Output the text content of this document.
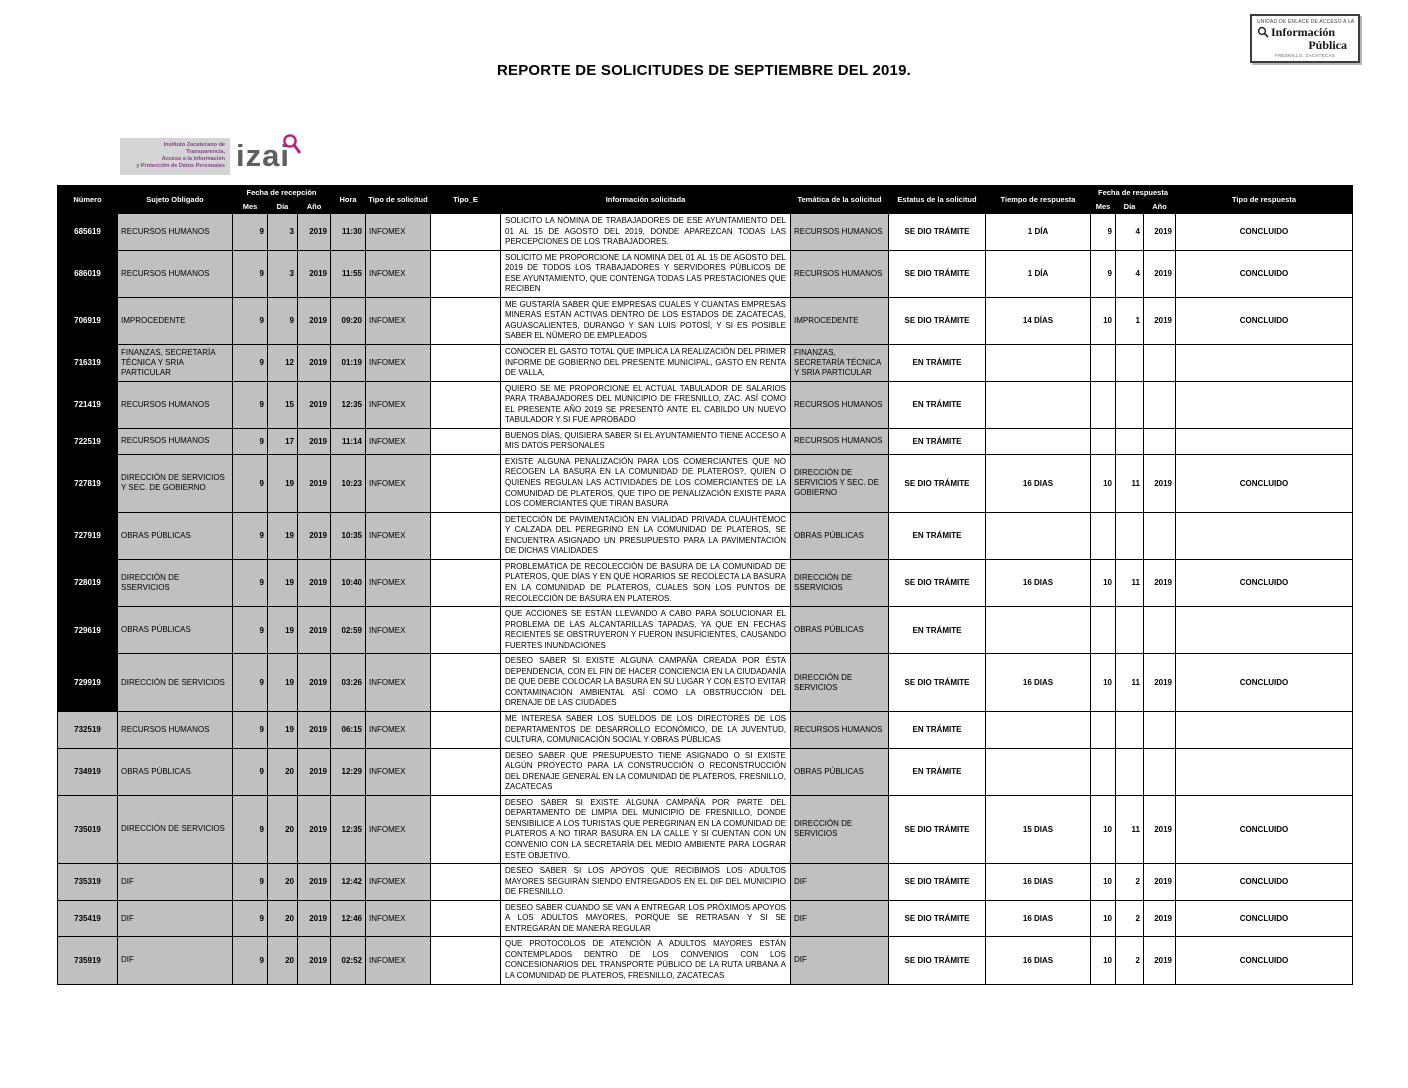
UNIDAD DE ENLACE DE ACCESO A LA
Información
Pública
FRESNILLO, ZACATECAS
REPORTE DE SOLICITUDES DE SEPTIEMBRE DEL 2019.
Instituto Zacatecano de Transparencia,
Acceso a la Información
y Protección de Datos Personales izai
Número	Sujeto Obligado	Fecha de recepción			Hora	Tipo de solicitud	Tipo_E	Información solicitada	Temática de la solicitud	Estatus de la solicitud	Tiempo de respuesta	Fecha de respuesta			Tipo de respuesta
		Mes	Día	Año								Mes	Día	Año	
685619	RECURSOS HUMANOS	9	3	2019	11:30	INFOMEX		SOLICITO LA NÓMINA DE TRABAJADORES DE ESE AYUNTAMIENTO DEL 01 AL 15 DE AGOSTO DEL 2019, DONDE APAREZCAN TODAS LAS PERCEPCIONES DE LOS TRABAJADORES.	RECURSOS HUMANOS	SE DIO TRÁMITE	1 DÍA	9	4	2019	CONCLUIDO
686019	RECURSOS HUMANOS	9	3	2019	11:55	INFOMEX		SOLICITO ME PROPORCIONE LA NOMINA DEL 01 AL 15 DE AGOSTO DEL 2019 DE TODOS LOS TRABAJADORES Y SERVIDORES PÚBLICOS DE ESE AYUNTAMIENTO, QUE CONTENGA TODAS LAS PRESTACIONES QUE RECIBEN	RECURSOS HUMANOS	SE DIO TRÁMITE	1 DÍA	9	4	2019	CONCLUIDO
706919	IMPROCEDENTE	9	9	2019	09:20	INFOMEX		ME GUSTARÍA SABER QUE EMPRESAS CUALES Y CUANTAS EMPRESAS MINERAS ESTÁN ACTIVAS DENTRO DE LOS ESTADOS DE ZACATECAS, AGUASCALIENTES, DURANGO Y SAN LUIS POTOSÍ, Y SI ES POSIBLE SABER EL NÚMERO DE EMPLEADOS	IMPROCEDENTE	SE DIO TRÁMITE	14 DÍAS	10	1	2019	CONCLUIDO
716319	FINANZAS, SECRETARÍA TÉCNICA Y SRIA PARTICULAR	9	12	2019	01:19	INFOMEX		CONOCER EL GASTO TOTAL QUE IMPLICA LA REALIZACIÓN DEL PRIMER INFORME DE GOBIERNO DEL PRESENTE MUNICIPAL, GASTO EN RENTA DE VALLA,	FINANZAS, SECRETARÍA TÉCNICA Y SRIA PARTICULAR	EN TRÁMITE					
721419	RECURSOS HUMANOS	9	15	2019	12:35	INFOMEX		QUIERO SE ME PROPORCIONE EL ACTUAL TABULADOR DE SALARIOS PARA TRABAJADORES DEL MUNICIPIO DE FRESNILLO, ZAC. ASÍ COMO EL PRESENTE AÑO 2019 SE PRESENTÓ ANTE EL CABILDO UN NUEVO TABULADOR Y SI FUE APROBADO	RECURSOS HUMANOS	EN TRÁMITE					
722519	RECURSOS HUMANOS	9	17	2019	11:14	INFOMEX		BUENOS DÍAS, QUISIERA SABER SI EL AYUNTAMIENTO TIENE ACCESO A MIS DATOS PERSONALES	RECURSOS HUMANOS	EN TRÁMITE					
727819	DIRECCIÓN DE SERVICIOS Y SEC. DE GOBIERNO	9	19	2019	10:23	INFOMEX		EXISTE ALGUNA PENALIZACIÓN PARA LOS COMERCIANTES QUE NO RECOGEN LA BASURA EN LA COMUNIDAD DE PLATEROS?, QUIEN O QUIENES REGULAN LAS ACTIVIDADES DE LOS COMERCIANTES DE LA COMUNIDAD DE PLATEROS, QUE TIPO DE PENALIZACIÓN EXISTE PARA LOS COMERCIANTES QUE TIRAN BASURA	DIRECCIÓN DE SERVICIOS Y SEC. DE GOBIERNO	SE DIO TRÁMITE	16 DIAS	10	11	2019	CONCLUIDO
727919	OBRAS PÚBLICAS	9	19	2019	10:35	INFOMEX		DETECCIÓN DE PAVIMENTACIÓN EN VIALIDAD PRIVADA CUAUHTÉMOC Y CALZADA DEL PEREGRINO EN LA COMUNIDAD DE PLATEROS, SE ENCUENTRA ASIGNADO UN PRESUPUESTO PARA LA PAVIMENTACIÓN DE DICHAS VIALIDADES	OBRAS PÚBLICAS	EN TRÁMITE					
728019	DIRECCIÓN DE SSERVICIOS	9	19	2019	10:40	INFOMEX		PROBLEMÁTICA DE RECOLECCIÓN DE BASURA DE LA COMUNIDAD DE PLATEROS, QUE DÍAS Y EN QUÉ HORARIOS SE RECOLECTA LA BASURA EN LA COMUNIDAD DE PLATEROS, CUALES SON LOS PUNTOS DE RECOLECCIÓN DE BASURA EN PLATEROS.	DIRECCIÓN DE SSERVICIOS	SE DIO TRÁMITE	16 DIAS	10	11	2019	CONCLUIDO
729619	OBRAS PÚBLICAS	9	19	2019	02:59	INFOMEX		QUE ACCIONES SE ESTÁN LLEVANDO A CABO PARA SOLUCIONAR EL PROBLEMA DE LAS ALCANTARILLAS TAPADAS, YA QUE EN FECHAS RECIENTES SE OBSTRUYERON Y FUERON INSUFICIENTES, CAUSANDO FUERTES INUNDACIONES	OBRAS PÚBLICAS	EN TRÁMITE					
729919	DIRECCIÓN DE SERVICIOS	9	19	2019	03:26	INFOMEX		DESEO SABER SI EXISTE ALGUNA CAMPAÑA CREADA POR ÉSTA DEPENDENCIA, CON EL FIN DE HACER CONCIENCIA EN LA CIUDADANÍA DE QUE DEBE COLOCAR LA BASURA EN SU LUGAR Y CON ESTO EVITAR CONTAMINACIÓN AMBIENTAL ASÍ COMO LA OBSTRUCCIÓN DEL DRENAJE DE LAS CIUDADES	DIRECCIÓN DE SERVICIOS	SE DIO TRÁMITE	16 DIAS	10	11	2019	CONCLUIDO
732519	RECURSOS HUMANOS	9	19	2019	06:15	INFOMEX		ME INTERESA SABER LOS SUELDOS DE LOS DIRECTORES DE LOS DEPARTAMENTOS DE DESARROLLO ECONÓMICO, DE LA JUVENTUD, CULTURA, COMUNICACIÓN SOCIAL Y OBRAS PÚBLICAS	RECURSOS HUMANOS	EN TRÁMITE					
734919	OBRAS PÚBLICAS	9	20	2019	12:29	INFOMEX		DESEO SABER QUE PRESUPUESTO TIENE ASIGNADO O SI EXISTE ALGÚN PROYECTO PARA LA CONSTRUCCIÓN O RECONSTRUCCIÓN DEL DRENAJE GENERAL EN LA COMUNIDAD DE PLATEROS, FRESNILLO, ZACATECAS	OBRAS PÚBLICAS	EN TRÁMITE					
735019	DIRECCIÓN DE SERVICIOS	9	20	2019	12:35	INFOMEX		DESEO SABER SI EXISTE ALGUNA CAMPAÑA POR PARTE DEL DEPARTAMENTO DE LIMPIA DEL MUNICIPIO DE FRESNILLO, DONDE SENSIBILICE A LOS TURISTAS QUE PEREGRINAN EN LA COMUNIDAD DE PLATEROS A NO TIRAR BASURA EN LA CALLE Y SI CUENTAN CON UN CONVENIO CON LA SECRETARÍA DEL MEDIO AMBIENTE PARA LOGRAR ESTE OBJETIVO.	DIRECCIÓN DE SERVICIOS	SE DIO TRÁMITE	15 DIAS	10	11	2019	CONCLUIDO
735319	DIF	9	20	2019	12:42	INFOMEX		DESEO SABER SI LOS APOYOS QUE RECIBIMOS LOS ADULTOS MAYORES SEGUIRÁN SIENDO ENTREGADOS EN EL DIF DEL MUNICIPIO DE FRESNILLO.	DIF	SE DIO TRÁMITE	16 DIAS	10	2	2019	CONCLUIDO
735419	DIF	9	20	2019	12:46	INFOMEX		DESEO SABER CUANDO SE VAN A ENTREGAR LOS PRÓXIMOS APOYOS A LOS ADULTOS MAYORES, PORQUE SE RETRASAN Y SI SE ENTREGARÁN DE MANERA REGULAR	DIF	SE DIO TRÁMITE	16 DIAS	10	2	2019	CONCLUIDO
735919	DIF	9	20	2019	02:52	INFOMEX		QUE PROTOCOLOS DE ATENCIÓN A ADULTOS MAYORES ESTÁN CONTEMPLADOS DENTRO DE LOS CONVENIOS CON LOS CONCESIONARIOS DEL TRANSPORTE PÚBLICO DE LA RUTA URBANA A LA COMUNIDAD DE PLATEROS, FRESNILLO, ZACATECAS	DIF	SE DIO TRÁMITE	16 DIAS	10	2	2019	CONCLUIDO
